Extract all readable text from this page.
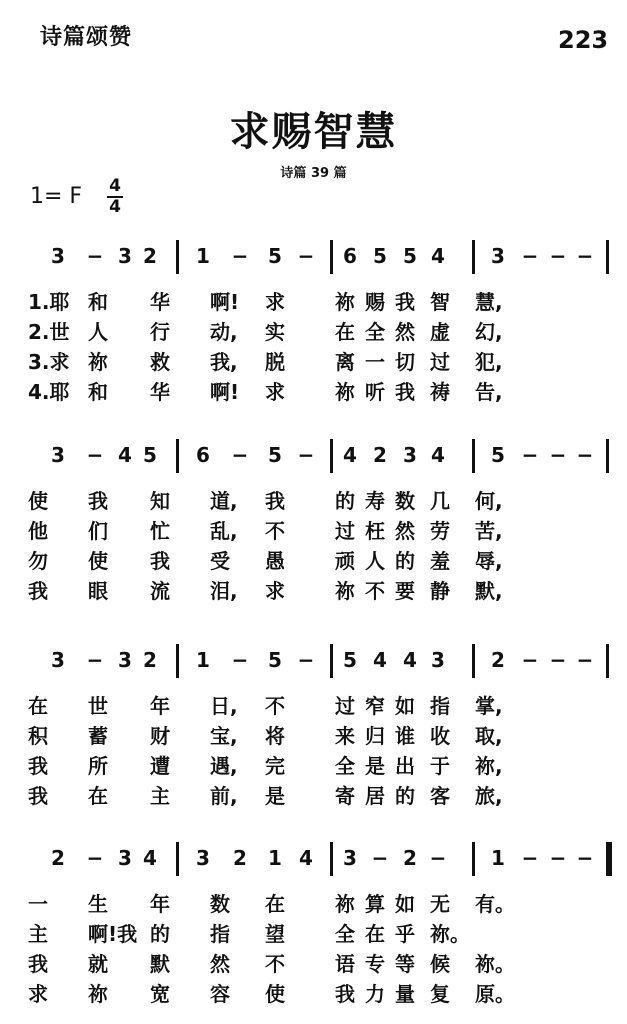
诗篇颂赞	223
求赐智慧
诗篇 39 篇
1= F 4
4
3 − 3 2 1 − 5 − 6 5 5 4 3 − − −
1.耶 和 华 啊! 求	祢 赐 我 智 慧,
2.世 人 行 动, 实	在 全 然 虚 幻,
3.求 祢 救 我, 脱	离 一 切 过 犯,
4.耶 和 华 啊! 求	祢 听 我 祷 告,
3 − 4 5 6 − 5 − 4 2 3 4 5 − − −
使 我 知 道, 我	的 寿 数 几 何,
他 们 忙 乱, 不	过 枉 然 劳 苦,
勿 使 我 受 愚	顽 人 的 羞 辱,
我 眼 流 泪, 求	祢 不 要 静 默,
3 − 3 2 1 − 5 − 5 4 4 3 2 − − −
在 世 年 日, 不	过 窄 如 指 掌,
积 蓄 财 宝, 将	来 归 谁 收 取,
我 所 遭 遇, 完	全 是 出 于 祢,
我 在 主 前, 是	寄 居 的 客 旅,
2 − 3 4 3 2 1 4 3 − 2 − 1 − − −
一 生 年 数 在	祢 算 如 无 有。
主 啊!我 的 指 望	全 在 乎 祢。
我 就 默 然 不	语 专 等 候 祢。
求 祢 宽 容 使	我 力 量 复 原。
